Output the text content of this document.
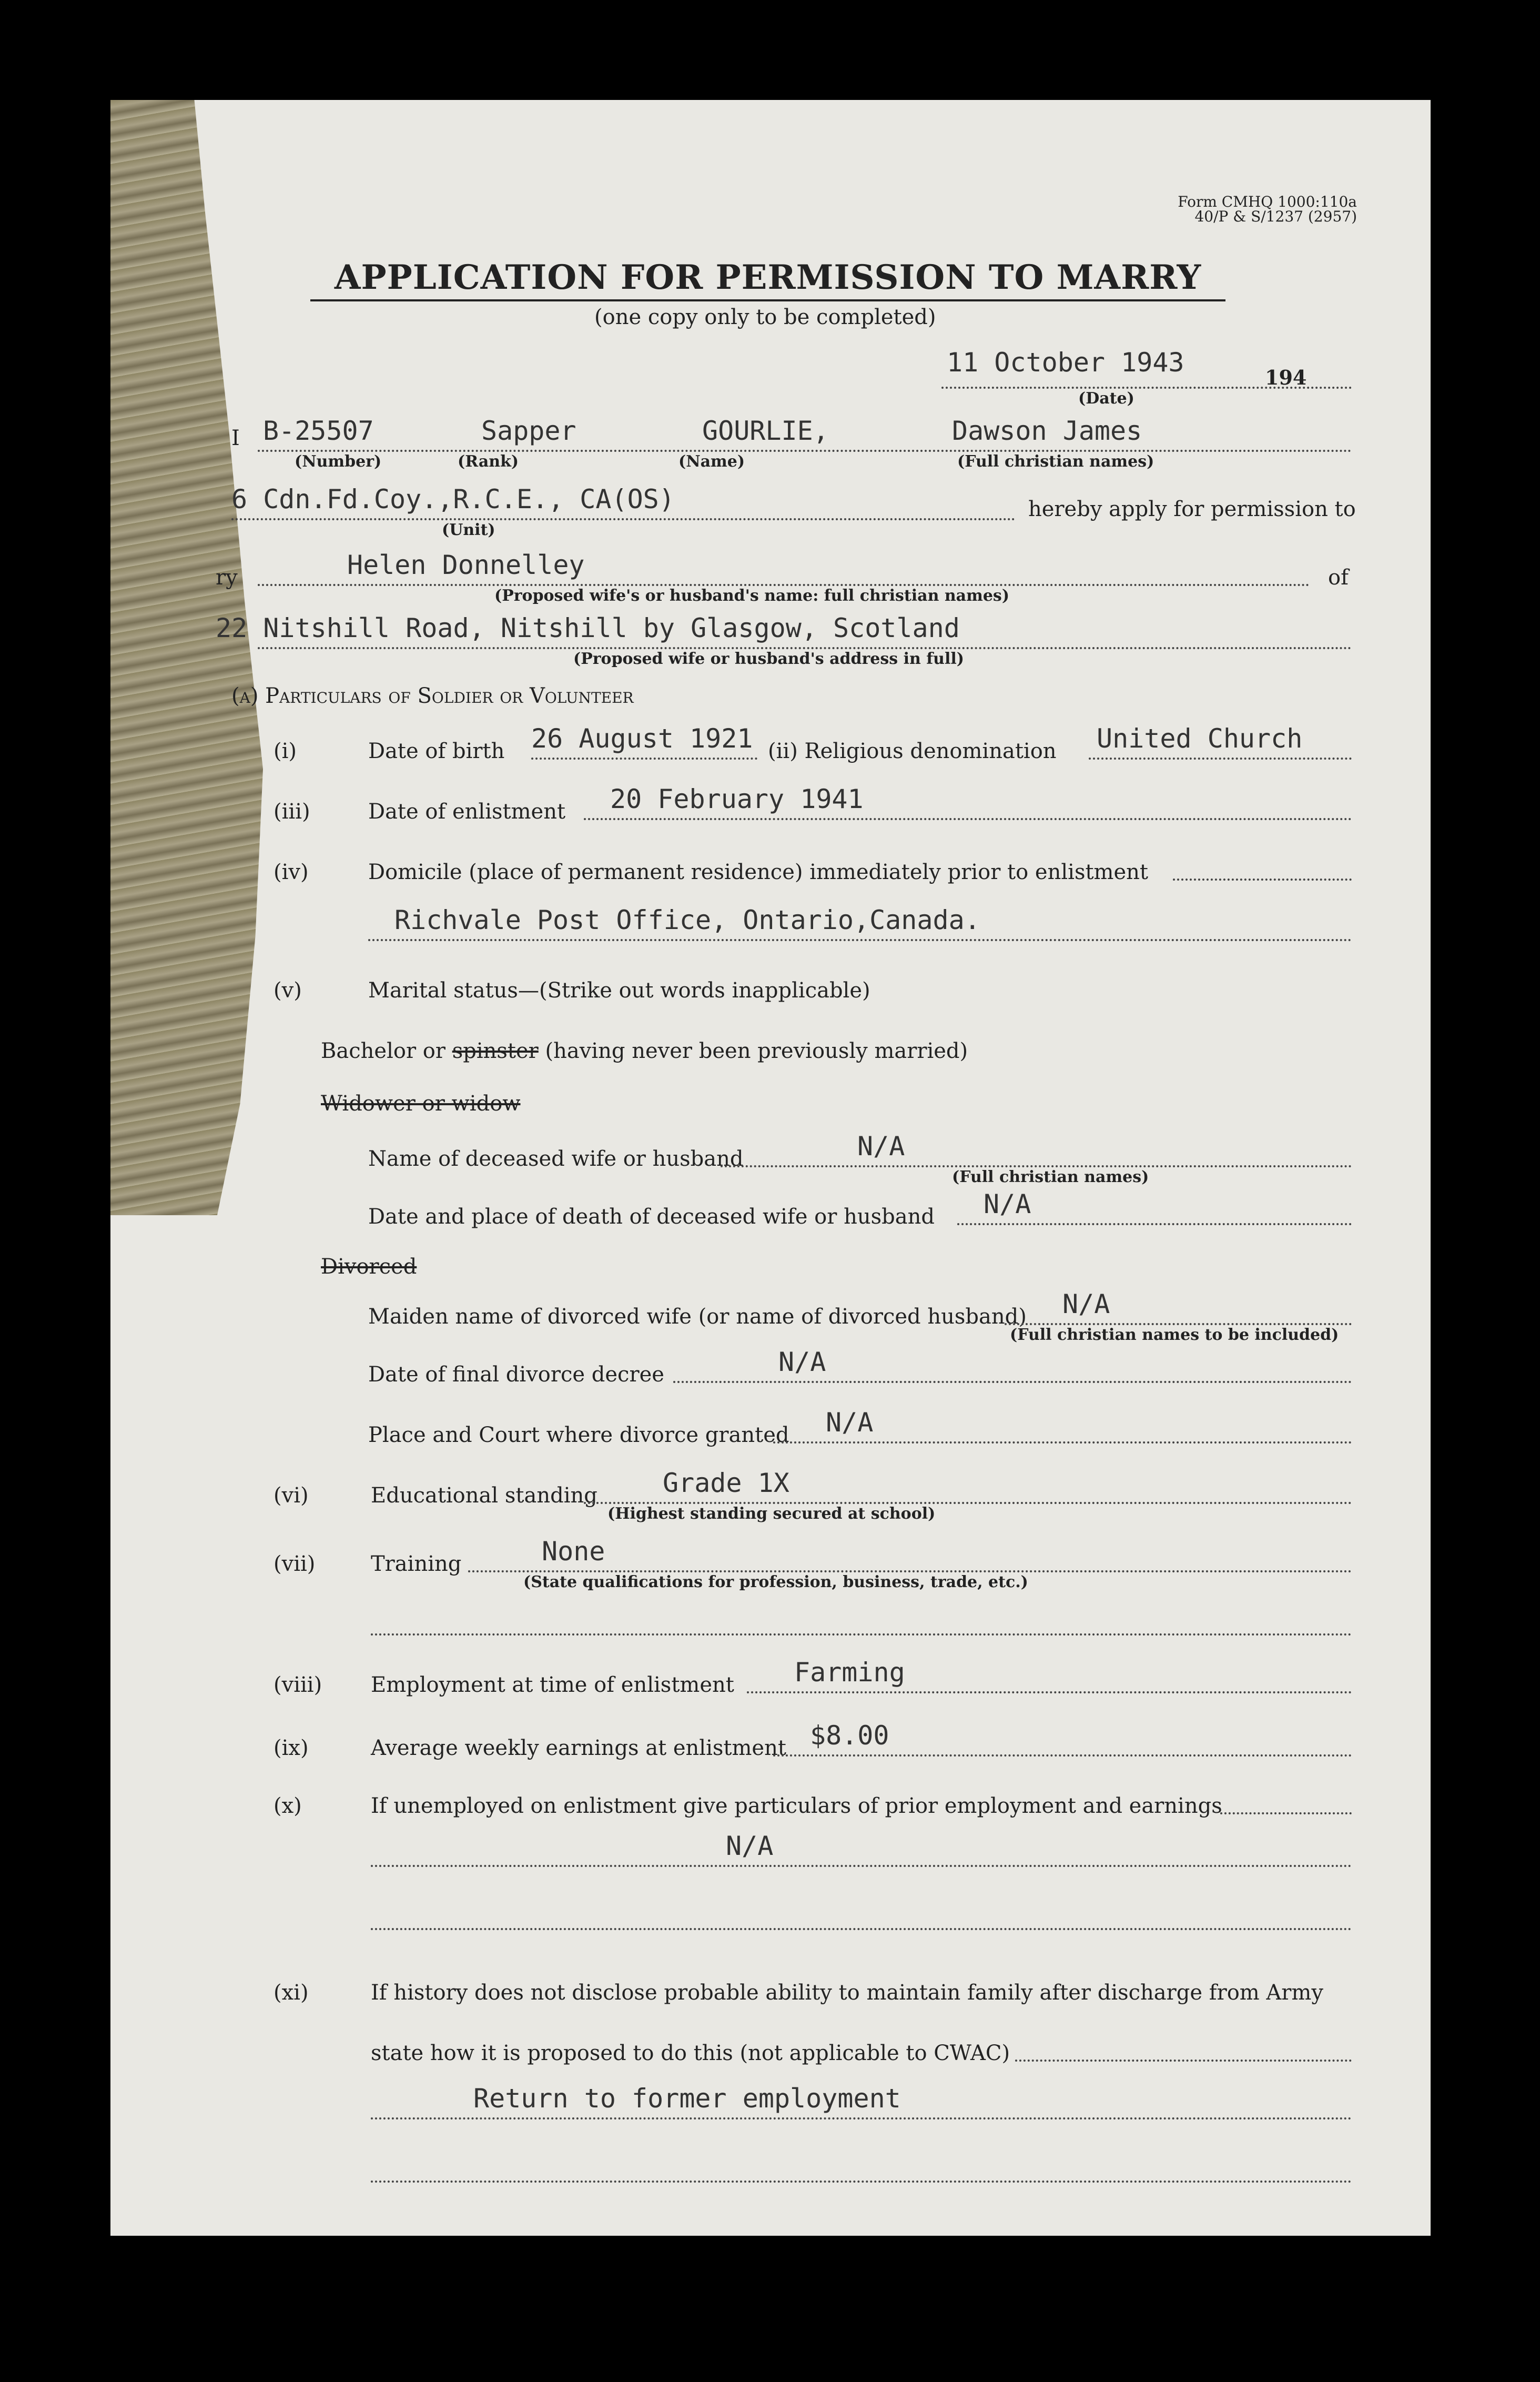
Form CMHQ 1000:110a
40/P & S/1237 (2957)
APPLICATION FOR PERMISSION TO MARRY
(one copy only to be completed)
11 October 1943	194
(Date)
I B-25507	Sapper	GOURLIE,	Dawson James
(Number)	(Rank)	(Name)	(Full christian names)
6 Cdn.Fd.Coy.,R.C.E., CA(OS)	hereby apply for permission to
(Unit)
ry	Helen Donnelley	of
(Proposed wife's or husband's name: full christian names)
22 Nitshill Road, Nitshill by Glasgow, Scotland
(Proposed wife or husband's address in full)
(a) Particulars of Soldier or Volunteer
(i)	Date of birth 26 August 1921 (ii) Religious denomination United Church
(iii)	Date of enlistment 20 February 1941
(iv)	Domicile (place of permanent residence) immediately prior to enlistment
Richvale Post Office, Ontario,Canada.
(v)	Marital status—(Strike out words inapplicable)
Bachelor or spinster (having never been previously married)
Widower or widow
Name of deceased wife or husband	N/A
(Full christian names)
Date and place of death of deceased wife or husband N/A
Divorced
Maiden name of divorced wife (or name of divorced husband) N/A
(Full christian names to be included)
Date of final divorce decree	N/A
Place and Court where divorce granted N/A
(vi)	Educational standing Grade 1X
(Highest standing secured at school)
(vii)	Training	None
(State qualifications for profession, business, trade, etc.)
(viii) Employment at time of enlistment Farming
(ix)	Average weekly earnings at enlistment $8.00
(x)	If unemployed on enlistment give particulars of prior employment and earnings
N/A
(xi)	If history does not disclose probable ability to maintain family after discharge from Army
state how it is proposed to do this (not applicable to CWAC)
Return to former employment
